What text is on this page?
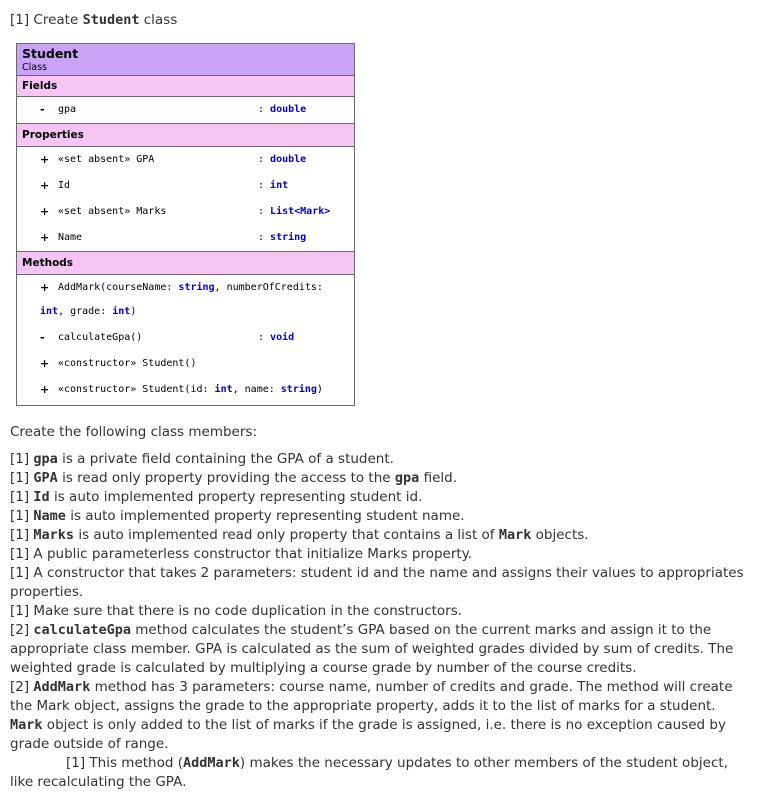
[1] Create Student class
Student
Class
Fields
- gpa	: double
Properties
+ «set absent» GPA	: double
+ Id	: int
+ «set absent» Marks	: List<Mark>
+ Name	: string
Methods
+ AddMark(courseName: string, numberOfCredits:
int, grade: int)
- calculateGpa()	: void
+ «constructor» Student()
+ «constructor» Student(id: int, name: string)
Create the following class members:
[1] gpa is a private field containing the GPA of a student.
[1] GPA is read only property providing the access to the gpa field.
[1] Id is auto implemented property representing student id.
[1] Name is auto implemented property representing student name.
[1] Marks is auto implemented read only property that contains a list of Mark objects.
[1] A public parameterless constructor that initialize Marks property.
[1] A constructor that takes 2 parameters: student id and the name and assigns their values to appropriates
properties.
[1] Make sure that there is no code duplication in the constructors.
[2] calculateGpa method calculates the student’s GPA based on the current marks and assign it to the
appropriate class member. GPA is calculated as the sum of weighted grades divided by sum of credits. The
weighted grade is calculated by multiplying a course grade by number of the course credits.
[2] AddMark method has 3 parameters: course name, number of credits and grade. The method will create
the Mark object, assigns the grade to the appropriate property, adds it to the list of marks for a student.
Mark object is only added to the list of marks if the grade is assigned, i.e. there is no exception caused by
grade outside of range.
[1] This method (AddMark) makes the necessary updates to other members of the student object,
like recalculating the GPA.
